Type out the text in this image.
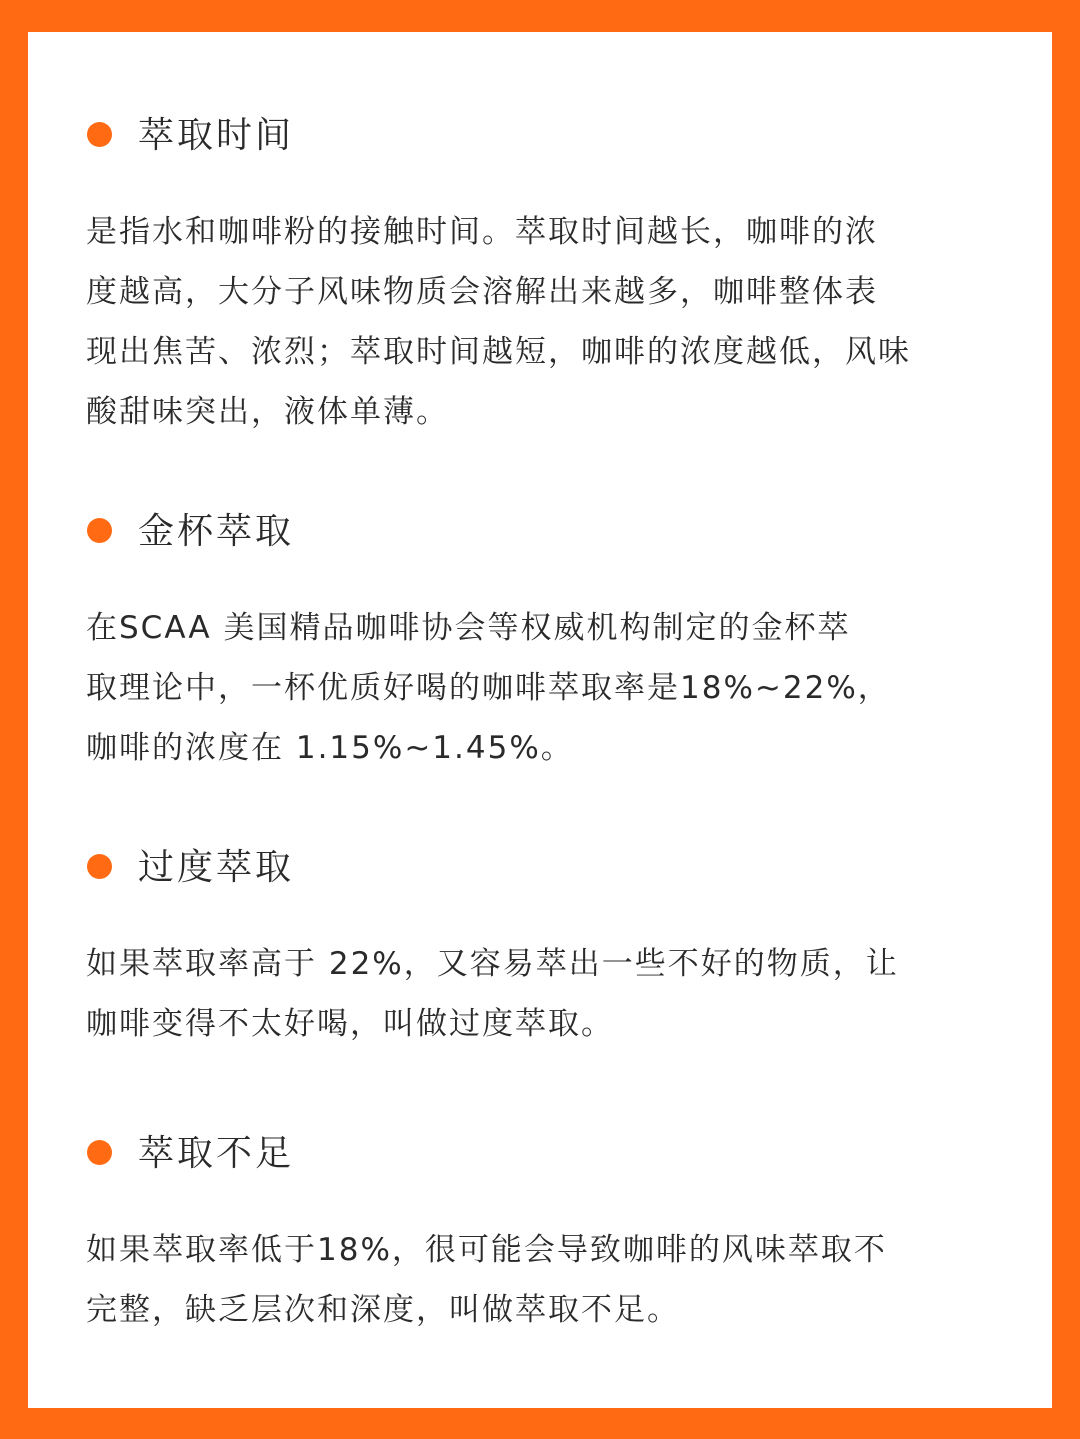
萃取时间
是指水和咖啡粉的接触时间。萃取时间越长，咖啡的浓
度越高，大分子风味物质会溶解出来越多，咖啡整体表
现出焦苦、浓烈；萃取时间越短，咖啡的浓度越低，风味
酸甜味突出，液体单薄。
金杯萃取
在SCAA 美国精品咖啡协会等权威机构制定的金杯萃
取理论中，一杯优质好喝的咖啡萃取率是18%~22%，
咖啡的浓度在 1.15%~1.45%。
过度萃取
如果萃取率高于 22%，又容易萃出一些不好的物质，让
咖啡变得不太好喝，叫做过度萃取。
萃取不足
如果萃取率低于18%，很可能会导致咖啡的风味萃取不
完整，缺乏层次和深度，叫做萃取不足。
